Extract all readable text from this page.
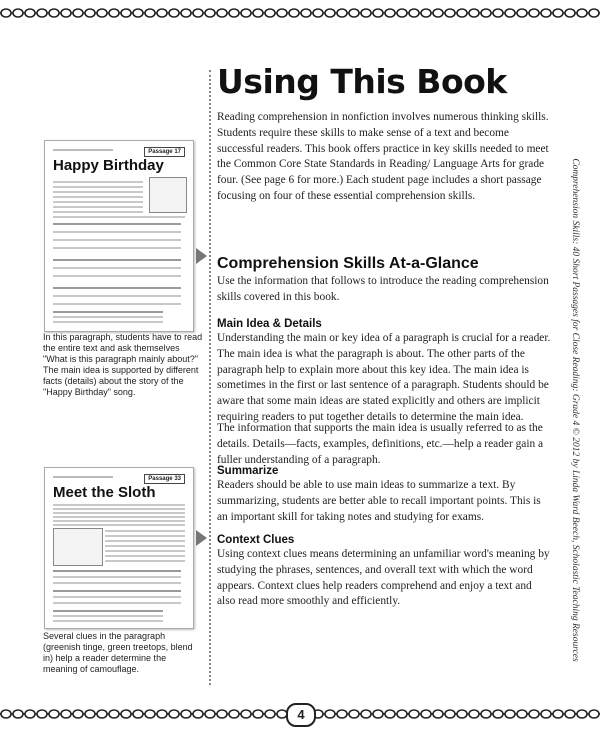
4
Passage 17
Happy Birthday
Passage 33
Meet the Sloth
In this paragraph, students have to read the entire text and ask themselves "What is this paragraph mainly about?" The main idea is supported by different facts (details) about the story of the "Happy Birthday" song.
Several clues in the paragraph (greenish tinge, green treetops, blend in) help a reader determine the meaning of camouflage.
Using This Book

Reading comprehension in nonfiction involves numerous thinking skills. Students require these skills to make sense of a text and become successful readers. This book offers practice in key skills needed to meet the Common Core State Standards in Reading/ Language Arts for grade four. (See page 6 for more.) Each student page includes a short passage focusing on four of these essential comprehension skills.

Comprehension Skills At-a-Glance

Use the information that follows to introduce the reading comprehension skills covered in this book.

Main Idea & Details

Understanding the main or key idea of a paragraph is crucial for a reader. The main idea is what the paragraph is about. The other parts of the paragraph help to explain more about this key idea. The main idea is sometimes in the first or last sentence of a paragraph. Students should be aware that some main ideas are stated explicitly and others are implicit requiring readers to put together details to determine the main idea.

The information that supports the main idea is usually referred to as the details. Details—facts, examples, definitions, etc.—help a reader gain a fuller understanding of a paragraph.

Summarize

Readers should be able to use main ideas to summarize a text. By summarizing, students are better able to recall important points. This is an important skill for taking notes and studying for exams.

Context Clues

Using context clues means determining an unfamiliar word's meaning by studying the phrases, sentences, and overall text with which the word appears. Context clues help readers comprehend and enjoy a text and also read more smoothly and efficiently.	Comprehension Skills: 40 Short Passages for Close Reading: Grade 4 © 2012 by Linda Ward Beech, Scholastic Teaching Resources
